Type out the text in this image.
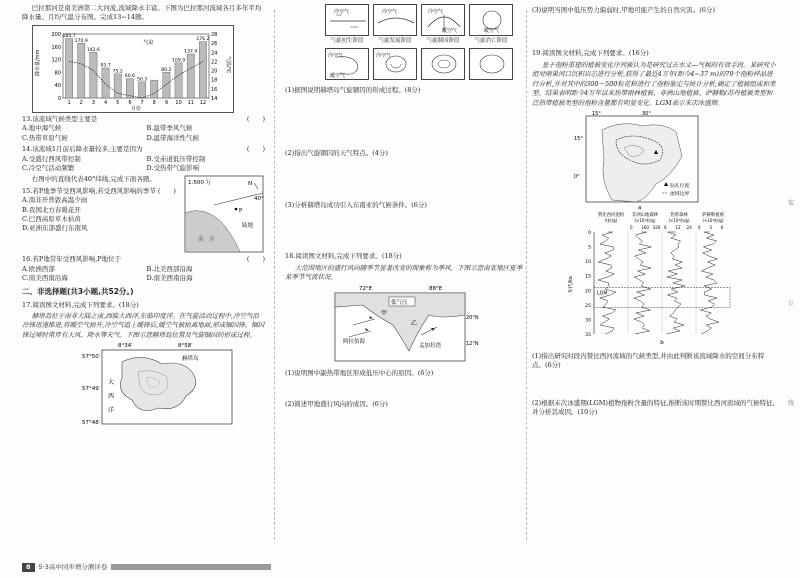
巴拉那河是南美洲第二大河流,流域降水丰富。下图为巴拉那河流域各月多年平均降水量、月均气温分布图。完成13~14题。

200
160
120
80
40
0
28
26
24
22
20
18
16
14
185.7
1
170.9
2
142.6
3
93.7
4
75.2
5
60.6
6
50.3
7 8
80.2
9
109.9
10
137.4
11
176.2
12
气温
降水量/mm	气温/℃
月份
13.该流域气候类型主要是	(　　)
A.地中海气候	B.温带季风气候
C.热带草原气候	D.温带海洋性气候
14.该流域1月前后降水量较多,主要是因为	(　　)
A.受盛行西风带控制	B.受赤道低压带控制
C.冷空气活动频繁	D.受热带气旋影响

右图中的直线代表40°纬线,完成下面各题。

15.若P地季节受西风影响,若受西风影响的季节 (　　)
A.南非开普敦高温少雨
B.我国北方春暖花开
C.巴西高原草木枯黄
D.亚洲东部盛行东南风
1:500 万	N
40°
P
陆地
海　洋
16.若P地常年受西风影响,P地位于	(　　)
A.欧洲西部	B.北美西部沿海
C.南美西南沿海	D.南美西南沿海
二、非选择题(共3小题,共52分。)

17.阅读图文材料,完成下列要求。(18分)

赫塔岛位于南非大陆之南,西临大西洋,东临印度洋。在气旋活动过程中,冷空气沿冷锋迅速推进,将暖空气抬升,冷空气追上暖锋后,暖空气被抬离地面,形成锢囚锋。锢囚锋过境时常伴有大风、降水等天气。下图示意赫塔岛位置及气旋锢囚的形成过程。

8°34′	8°58′
57°50′
57°49′
57°48′
赫塔岛
大
西
洋
冷空气	冷空气	冷空气
暖空气	暖空气
气旋初生阶段	气旋发展阶段	气旋锢囚阶段	气旋消亡阶段
冷空气
暖空气
冷空气

(1)据图说明赫塔岛气旋锢囚的形成过程。(8分)

(2)指出气旋锢囚的天气特点。(4分)

(3)分析赫塔岛成功引入东南亚的气候条件。(6分)

18.阅读图文材料,完成下列要求。(18分)

大范围地区的盛行风向随季节显著改变的现象称为季风。下图示意南亚地区夏季某季节气流状况。

72°E	88°E
20°N
12°N
低气压
甲
乙
阿拉伯海
孟加拉湾

(1)说明图中副热带地区形成低压中心的原因。(6分)

(2)简述甲地盛行风向的成因。(6分)

(3)说明当图中低压势力偏弱时,甲地可能产生的自然灾害。(6分)

19.阅读图文材料,完成下列要求。(16分)

基于孢粉重建的植被变化序列被认为是研究过去水文—气候的有效手段。某研究小组对刚果河口沉积岩芯进行分析,获得了最近4万年(距今4~37 m)的79个孢粉样品进行分析,并对其中的300～500粒花粉进行了孢粉鉴定与统计分析,确定了植被组成和类型。结果表明距今4万年以来热带雨林植被、非洲山地植被、萨赫勒/苏丹植被类型和泛热带植被类型的孢粉含量都有明显变化。LGM表示末次冰盛期。

15°	30°
15°
0°
钻孔位置
流域边界
a
赞比西河孢粉
/(粒/g)
非洲山地森林
(×10³粒/g)
热带森林
(×10³粒/g)
萨赫勒植被
(×10³粒/g)
0 160 320 0 12 24 0 3 6
0
5
10
15
20
25
30
35
年代/ka
LGM
b

(1)指出研究时段内赞比西河流域的气候类型,并由此判断该流域降水的空间分布特点。(6分)

(2)根据末次冰盛期(LGM)植物孢粉含量的特征,推断该时期赞比西河流域的气候特征,并分析其成因。(10分)

装
订
线
8	5·3高中同步增分测评卷
